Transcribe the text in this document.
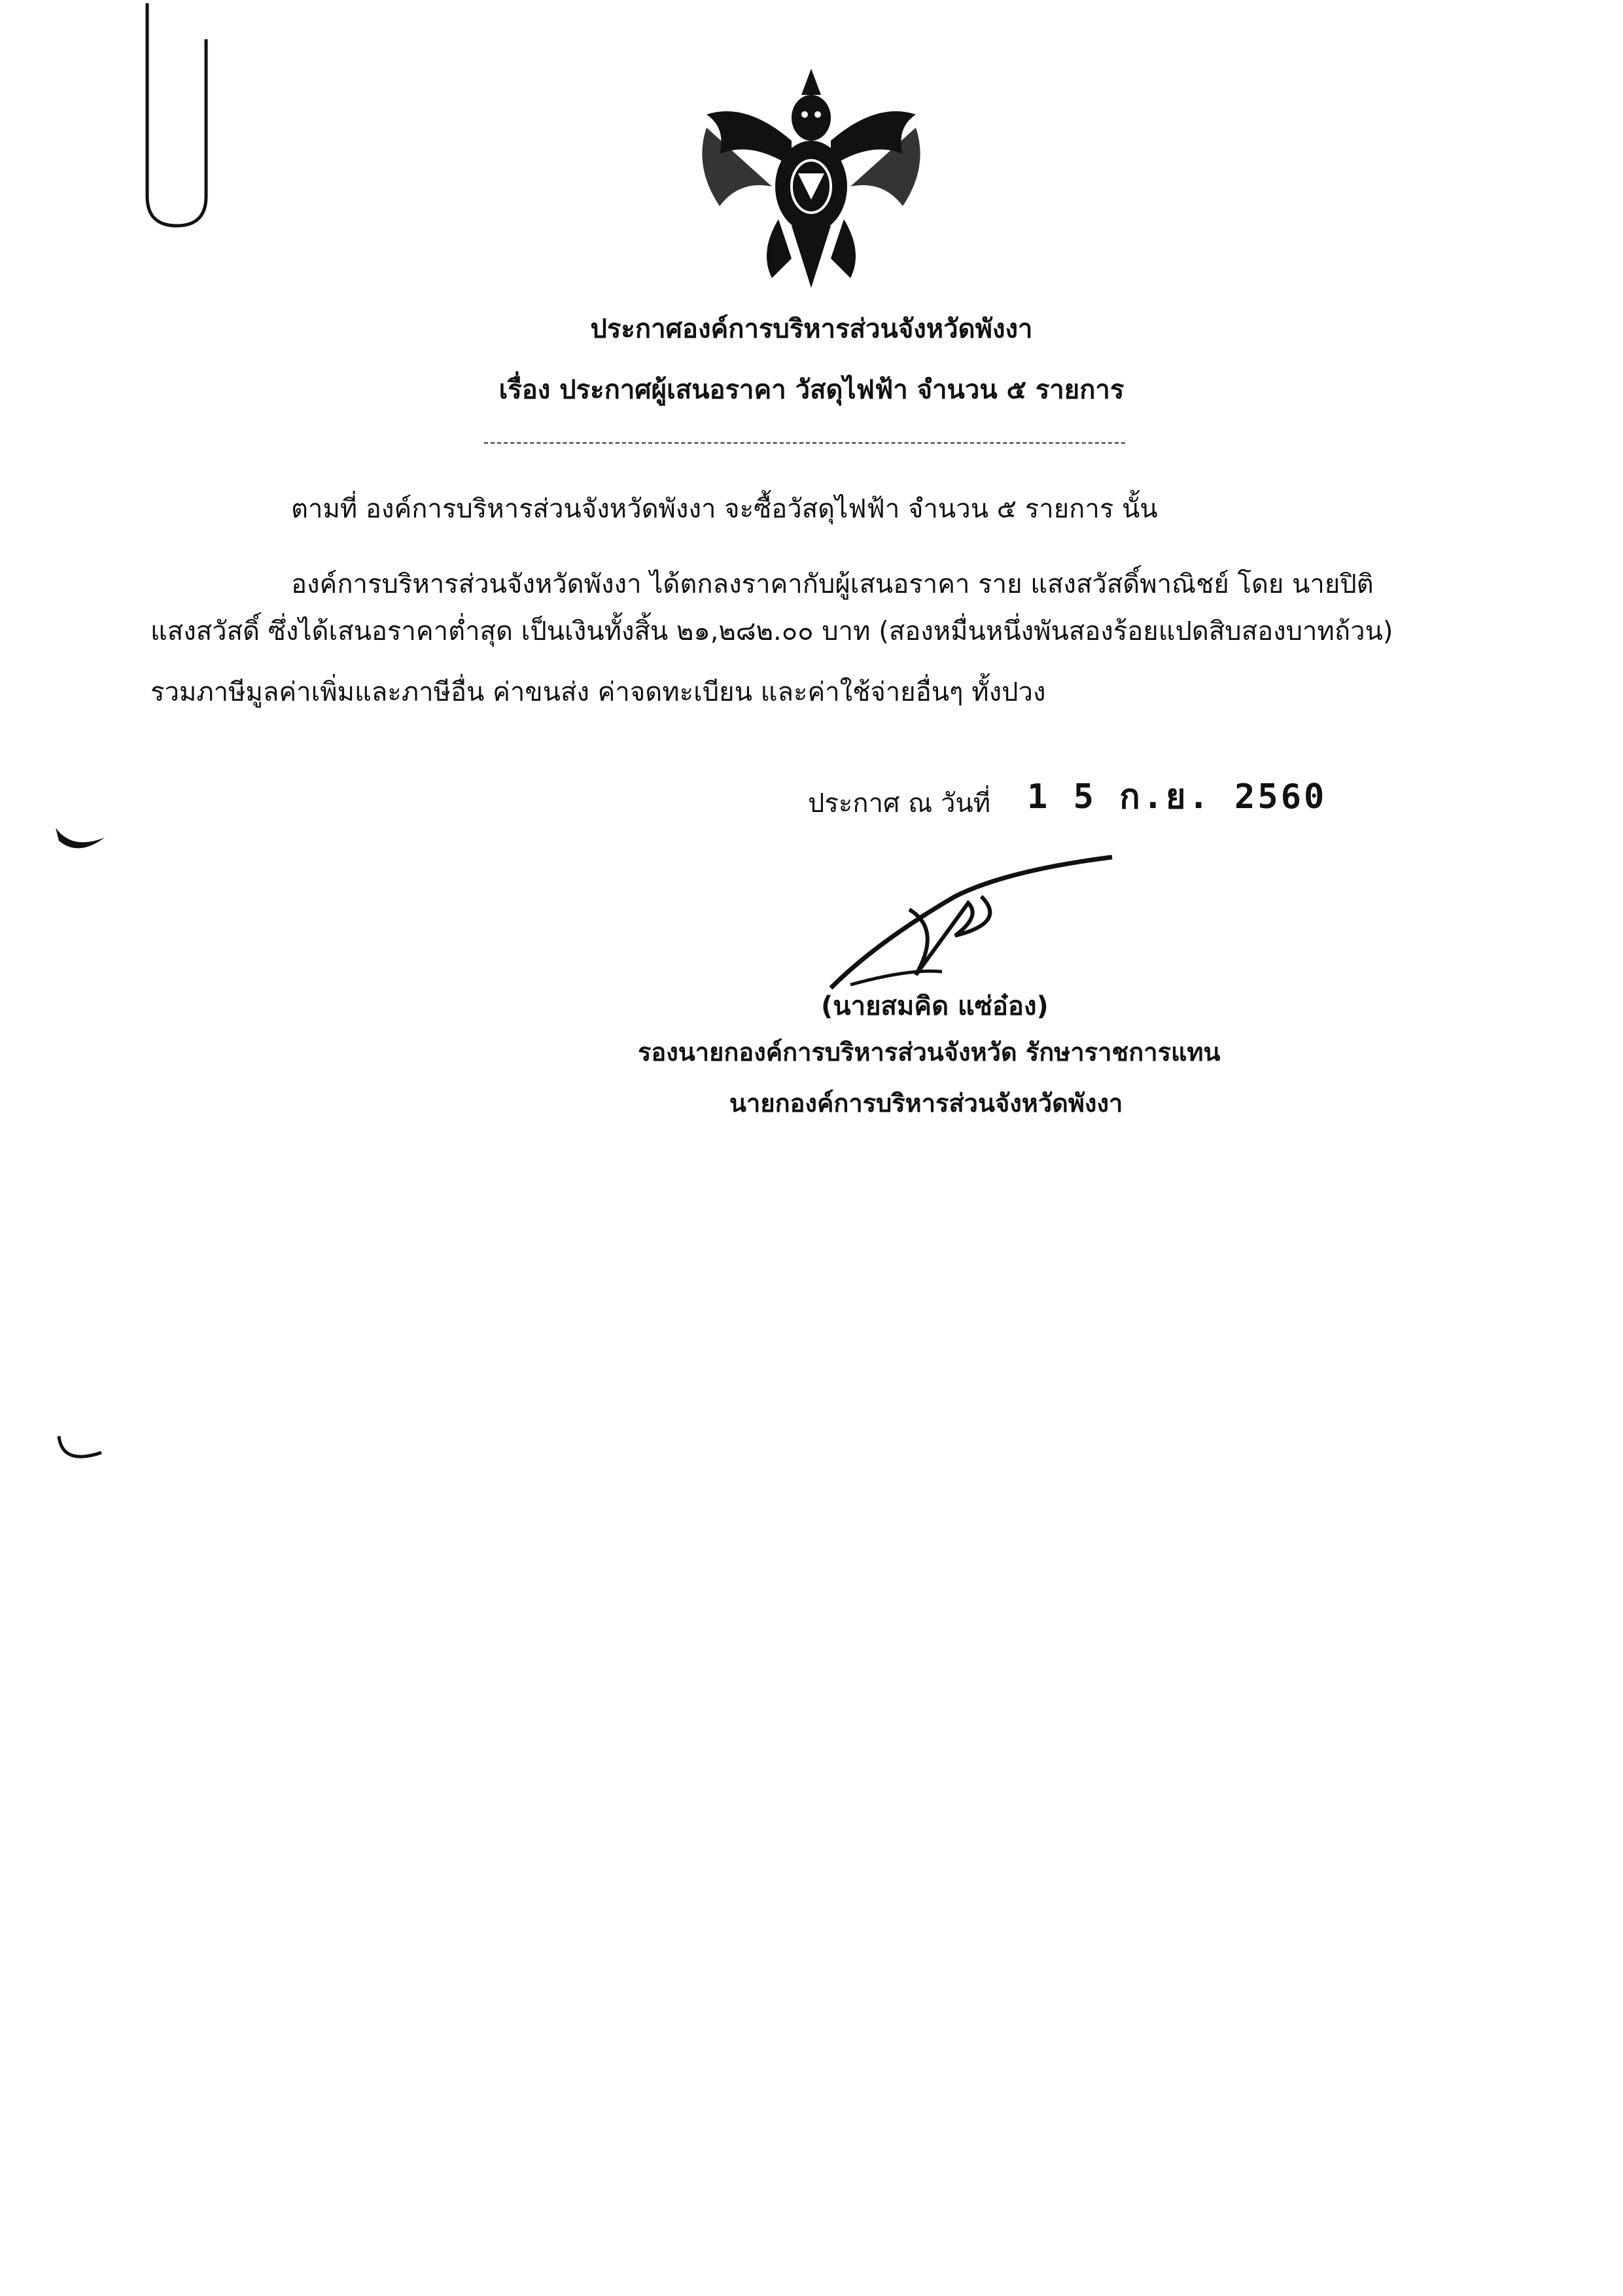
ประกาศองค์การบริหารส่วนจังหวัดพังงา
เรื่อง ประกาศผู้เสนอราคา วัสดุไฟฟ้า จำนวน ๕ รายการ
ตามที่ องค์การบริหารส่วนจังหวัดพังงา จะซื้อวัสดุไฟฟ้า จำนวน ๕ รายการ นั้น
องค์การบริหารส่วนจังหวัดพังงา ได้ตกลงราคากับผู้เสนอราคา ราย แสงสวัสดิ์พาณิชย์ โดย นายปิติ
แสงสวัสดิ์ ซึ่งได้เสนอราคาต่ำสุด เป็นเงินทั้งสิ้น ๒๑,๒๘๒.๐๐ บาท (สองหมื่นหนึ่งพันสองร้อยแปดสิบสองบาทถ้วน)
รวมภาษีมูลค่าเพิ่มและภาษีอื่น ค่าขนส่ง ค่าจดทะเบียน และค่าใช้จ่ายอื่นๆ ทั้งปวง
ประกาศ ณ วันที่ 1 5 ก.ย. 2560
(นายสมคิด แซ่อ๋อง)
รองนายกองค์การบริหารส่วนจังหวัด รักษาราชการแทน
นายกองค์การบริหารส่วนจังหวัดพังงา
